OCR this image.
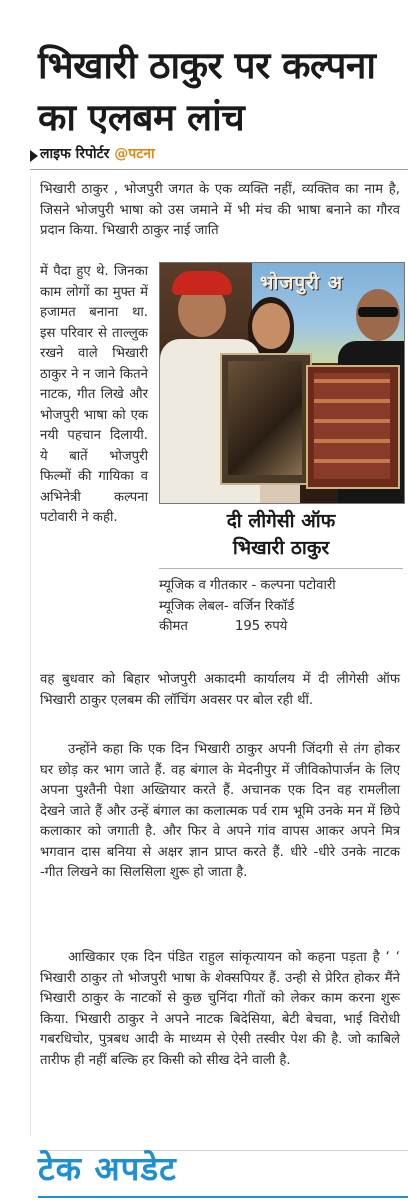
भिखारी ठाकुर पर कल्पना का एलबम लांच
लाइफ रिपोर्टर @पटना
भिखारी ठाकुर , भोजपुरी जगत के एक व्यक्ति नहीं, व्यक्तिव का नाम है, जिसने भोजपुरी भाषा को उस जमाने में भी मंच की भाषा बनाने का गौरव प्रदान किया. भिखारी ठाकुर नाई जाति
में पैदा हुए थे. जिनका काम लोगों का मुफ्त में हजामत बनाना था. इस परिवार से ताल्लुक रखने वाले भिखारी ठाकुर ने न जाने कितने नाटक, गीत लिखे और भोजपुरी भाषा को एक नयी पहचान दिलायी. ये बातें भोजपुरी फिल्मों की गायिका व अभिनेत्री कल्पना पटोवारी ने कही.
भोजपुरी अ
दी लीगेसी ऑफ
भिखारी ठाकुर
म्यूजिक व गीतकार - कल्पना पटोवारी
म्यूजिक लेबल- वर्जिन रिकॉर्ड
कीमत	195 रुपये
वह बुधवार को बिहार भोजपुरी अकादमी कार्यालय में दी लीगेसी ऑफ भिखारी ठाकुर एलबम की लॉचिंग अवसर पर बोल रही थीं.
उन्होंने कहा कि एक दिन भिखारी ठाकुर अपनी जिंदगी से तंग होकर घर छोड़ कर भाग जाते हैं. वह बंगाल के मेदनीपुर में जीविकोपार्जन के लिए अपना पुश्तैनी पेशा अख्तियार करते हैं. अचानक एक दिन वह रामलीला देखने जाते हैं और उन्हें बंगाल का कलात्मक पर्व राम भूमि उनके मन में छिपे कलाकार को जगाती है. और फिर वे अपने गांव वापस आकर अपने मित्र भगवान दास बनिया से अक्षर ज्ञान प्राप्त करते हैं. धीरे -धीरे उनके नाटक -गीत लिखने का सिलसिला शुरू हो जाता है.
आखिकार एक दिन पंडित राहुल सांकृत्यायन को कहना पड़ता है ‘ ‘ भिखारी ठाकुर तो भोजपुरी भाषा के शेक्सपियर हैं. उन्ही से प्रेरित होकर मैंने भिखारी ठाकुर के नाटकों से कुछ चुनिंदा गीतों को लेकर काम करना शुरू किया. भिखारी ठाकुर ने अपने नाटक बिदेसिया, बेटी बेचवा, भाई विरोधी गबरधिचोर, पुत्रबध आदी के माध्यम से ऐसी तस्वीर पेश की है. जो काबिले तारीफ ही नहीं बल्कि हर किसी को सीख देने वाली है.
टेक अपडेट
